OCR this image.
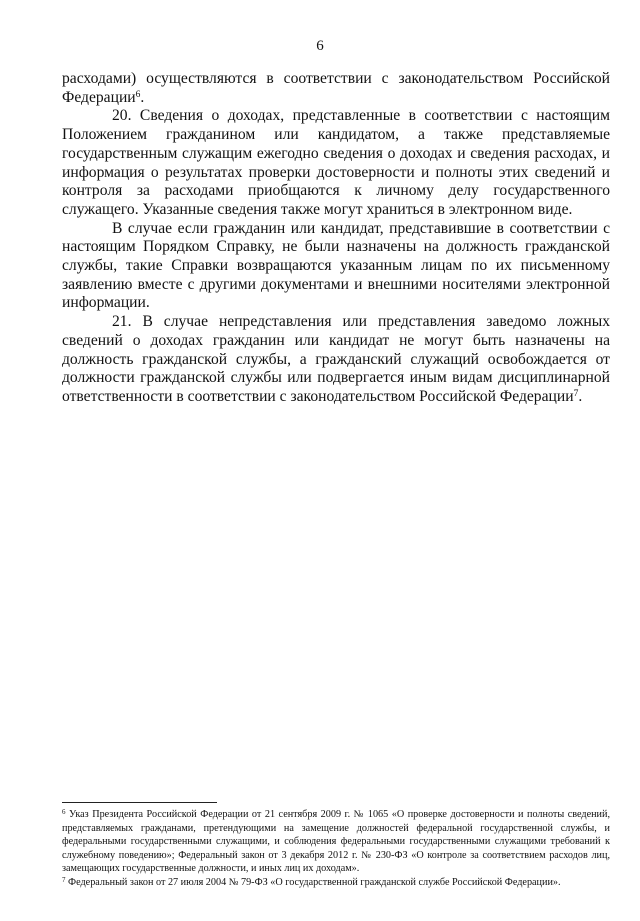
6

расходами) осуществляются в соответствии с законодательством Российской Федерации$^6$.

20. Сведения о доходах, представленные в соответствии с настоящим Положением гражданином или кандидатом, а также представляемые государственным служащим ежегодно сведения о доходах и сведения расходах, и информация о результатах проверки достоверности и полноты этих сведений и контроля за расходами приобщаются к личному делу государственного служащего. Указанные сведения также могут храниться в электронном виде.

В случае если гражданин или кандидат, представившие в соответствии с настоящим Порядком Справку, не были назначены на должность гражданской службы, такие Справки возвращаются указанным лицам по их письменному заявлению вместе с другими документами и внешними носителями электронной информации.

21. В случае непредставления или представления заведомо ложных сведений о доходах гражданин или кандидат не могут быть назначены на должность гражданской службы, а гражданский служащий освобождается от должности гражданской службы или подвергается иным видам дисциплинарной ответственности в соответствии с законодательством Российской Федерации$^7$.

$^6$ Указ Президента Российской Федерации от 21 сентября 2009 г. № 1065 «О проверке достоверности и полноты сведений, представляемых гражданами, претендующими на замещение должностей федеральной государственной службы, и федеральными государственными служащими, и соблюдения федеральными государственными служащими требований к служебному поведению»; Федеральный закон от 3 декабря 2012 г. № 230-ФЗ «О контроле за соответствием расходов лиц, замещающих государственные должности, и иных лиц их доходам».

$^7$ Федеральный закон от 27 июля 2004 № 79-ФЗ «О государственной гражданской службе Российской Федерации».
